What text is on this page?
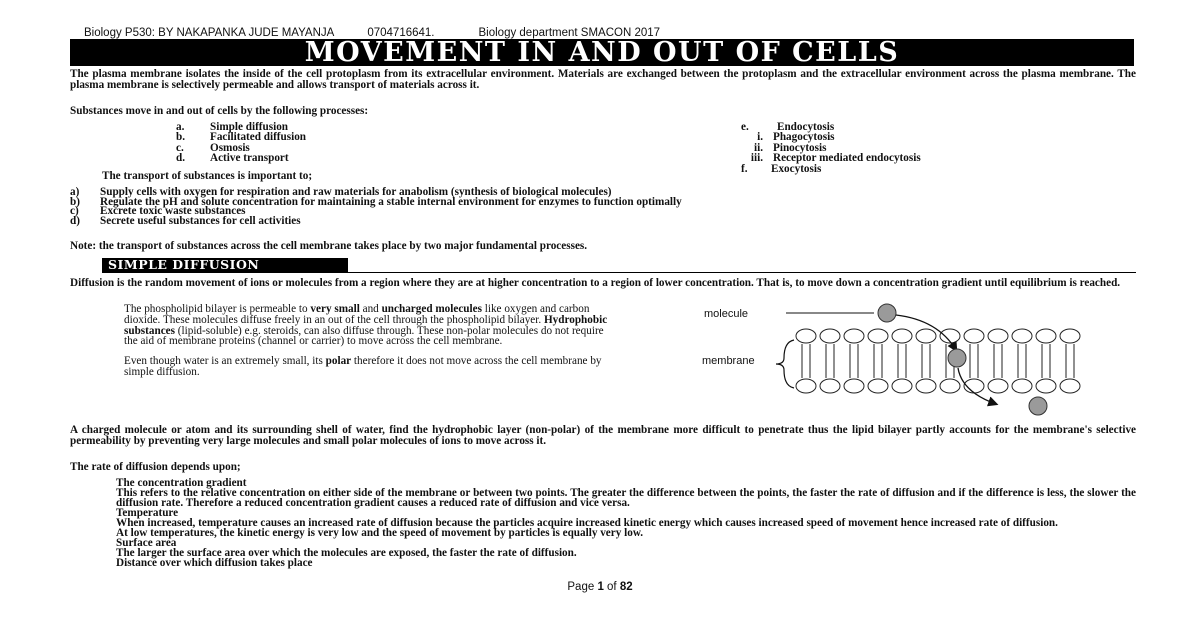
Biology P530: BY NAKAPANKA JUDE MAYANJA	0704716641.	Biology department SMACON 2017
MOVEMENT IN AND OUT OF CELLS

The plasma membrane isolates the inside of the cell protoplasm from its extracellular environment. Materials are exchanged between the protoplasm and the extracellular environment across the plasma membrane. The plasma membrane is selectively permeable and allows transport of materials across it.

Substances move in and out of cells by the following processes:

a.	Simple diffusion
b.	Facilitated diffusion
c.	Osmosis
d.	Active transport
e.	Endocytosis
i. Phagocytosis
ii. Pinocytosis
iii. Receptor mediated endocytosis
f.	Exocytosis

The transport of substances is important to;

a)	Supply cells with oxygen for respiration and raw materials for anabolism (synthesis of biological molecules)
b)	Regulate the pH and solute concentration for maintaining a stable internal environment for enzymes to function optimally
c)	Excrete toxic waste substances
d)	Secrete useful substances for cell activities

Note: the transport of substances across the cell membrane takes place by two major fundamental processes.

SIMPLE DIFFUSION

Diffusion is the random movement of ions or molecules from a region where they are at higher concentration to a region of lower concentration. That is, to move down a concentration gradient until equilibrium is reached.

The phospholipid bilayer is permeable to very small and uncharged molecules like oxygen and carbon dioxide. These molecules diffuse freely in an out of the cell through the phospholipid bilayer. Hydrophobic substances (lipid-soluble) e.g. steroids, can also diffuse through. These non-polar molecules do not require the aid of membrane proteins (channel or carrier) to move across the cell membrane.

Even though water is an extremely small, its polar therefore it does not move across the cell membrane by simple diffusion.

molecule
membrane

A charged molecule or atom and its surrounding shell of water, find the hydrophobic layer (non-polar) of the membrane more difficult to penetrate thus the lipid bilayer partly accounts for the membrane's selective permeability by preventing very large molecules and small polar molecules of ions to move across it.

The rate of diffusion depends upon;

The concentration gradient
This refers to the relative concentration on either side of the membrane or between two points. The greater the difference between the points, the faster the rate of diffusion and if the difference is less, the slower the diffusion rate. Therefore a reduced concentration gradient causes a reduced rate of diffusion and vice versa.
Temperature
When increased, temperature causes an increased rate of diffusion because the particles acquire increased kinetic energy which causes increased speed of movement hence increased rate of diffusion.
At low temperatures, the kinetic energy is very low and the speed of movement by particles is equally very low.
Surface area
The larger the surface area over which the molecules are exposed, the faster the rate of diffusion.
Distance over which diffusion takes place
Page 1 of 82
